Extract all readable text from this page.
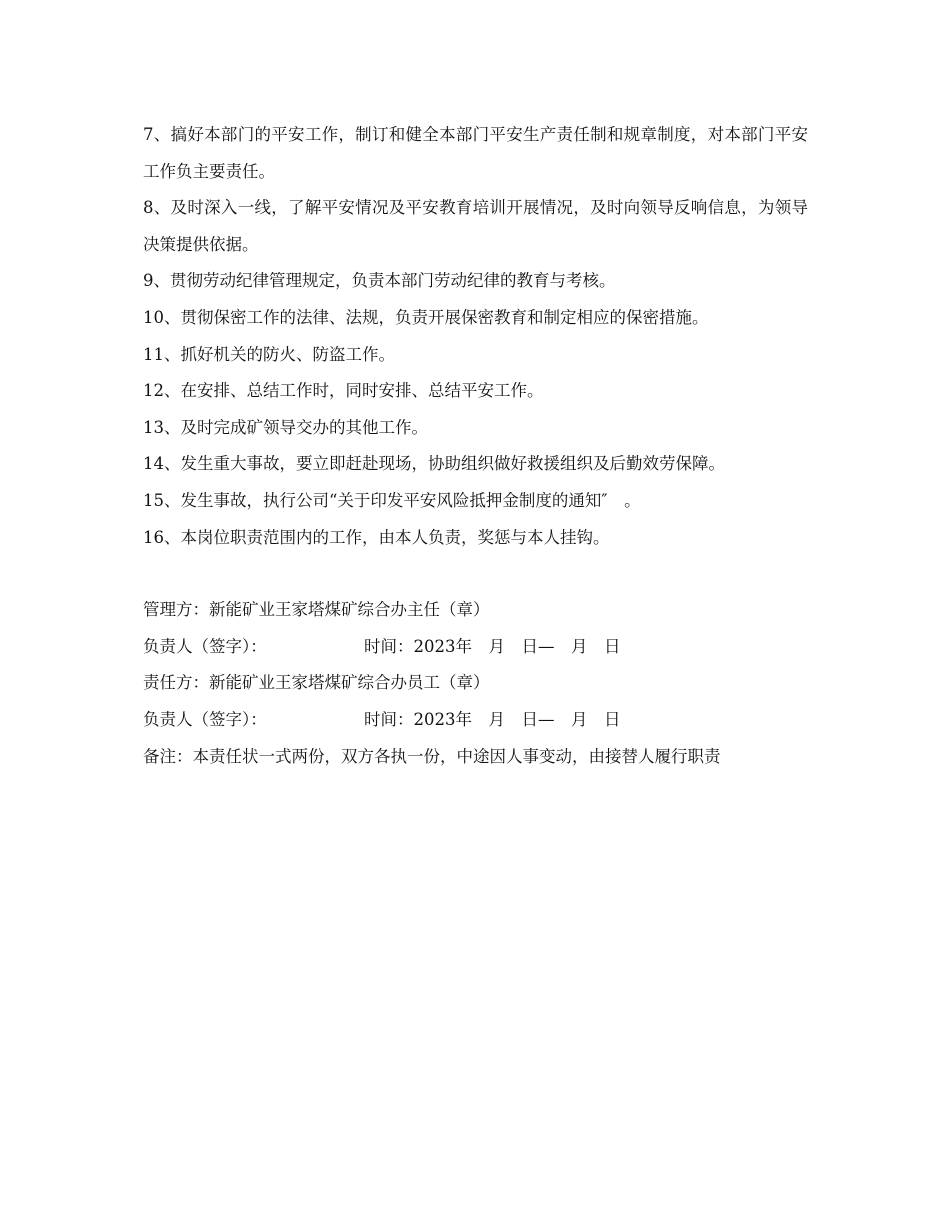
7、搞好本部门的平安工作，制订和健全本部门平安生产责任制和规章制度，对本部门平安工作负主要责任。

8、及时深入一线，了解平安情况及平安教育培训开展情况，及时向领导反响信息，为领导决策提供依据。

9、贯彻劳动纪律管理规定，负责本部门劳动纪律的教育与考核。

10、贯彻保密工作的法律、法规，负责开展保密教育和制定相应的保密措施。

11、抓好机关的防火、防盗工作。

12、在安排、总结工作时，同时安排、总结平安工作。

13、及时完成矿领导交办的其他工作。

14、发生重大事故，要立即赶赴现场，协助组织做好救援组织及后勤效劳保障。

15、发生事故，执行公司“关于印发平安风险抵押金制度的通知″　。

16、本岗位职责范围内的工作，由本人负责，奖惩与本人挂钩。

管理方：新能矿业王家塔煤矿综合办主任（章）

负责人（签字）：	时间：2023年　月　日—　月　日

责任方：新能矿业王家塔煤矿综合办员工（章）

负责人（签字）：	时间：2023年　月　日—　月　日

备注：本责任状一式两份，双方各执一份，中途因人事变动，由接替人履行职责
